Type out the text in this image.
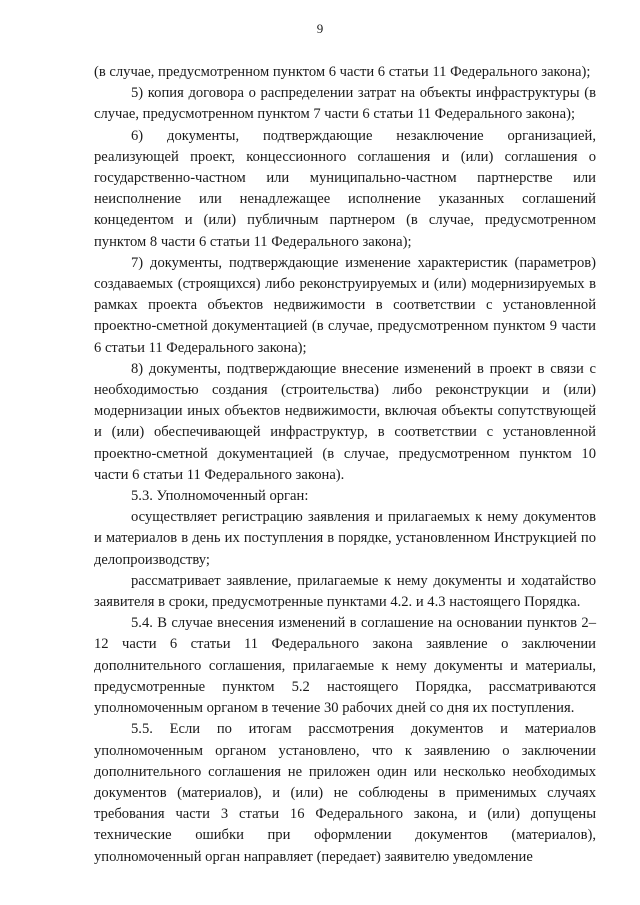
9

(в случае, предусмотренном пунктом 6 части 6 статьи 11 Федерального закона);

5) копия договора о распределении затрат на объекты инфраструктуры (в случае, предусмотренном пунктом 7 части 6 статьи 11 Федерального закона);

6) документы, подтверждающие незаключение организацией, реализующей проект, концессионного соглашения и (или) соглашения о государственно-частном или муниципально-частном партнерстве или неисполнение или ненадлежащее исполнение указанных соглашений концедентом и (или) публичным партнером (в случае, предусмотренном пунктом 8 части 6 статьи 11 Федерального закона);

7) документы, подтверждающие изменение характеристик (параметров) создаваемых (строящихся) либо реконструируемых и (или) модернизируемых в рамках проекта объектов недвижимости в соответствии с установленной проектно-сметной документацией (в случае, предусмотренном пунктом 9 части 6 статьи 11 Федерального закона);

8) документы, подтверждающие внесение изменений в проект в связи с необходимостью создания (строительства) либо реконструкции и (или) модернизации иных объектов недвижимости, включая объекты сопутствующей и (или) обеспечивающей инфраструктур, в соответствии с установленной проектно-сметной документацией (в случае, предусмотренном пунктом 10 части 6 статьи 11 Федерального закона).

5.3. Уполномоченный орган:

осуществляет регистрацию заявления и прилагаемых к нему документов и материалов в день их поступления в порядке, установленном Инструкцией по делопроизводству;

рассматривает заявление, прилагаемые к нему документы и ходатайство заявителя в сроки, предусмотренные пунктами 4.2. и 4.3 настоящего Порядка.

5.4. В случае внесения изменений в соглашение на основании пунктов 2–12 части 6 статьи 11 Федерального закона заявление о заключении дополнительного соглашения, прилагаемые к нему документы и материалы, предусмотренные пунктом 5.2 настоящего Порядка, рассматриваются уполномоченным органом в течение 30 рабочих дней со дня их поступления.

5.5. Если по итогам рассмотрения документов и материалов уполномоченным органом установлено, что к заявлению о заключении дополнительного соглашения не приложен один или несколько необходимых документов (материалов), и (или) не соблюдены в применимых случаях требования части 3 статьи 16 Федерального закона, и (или) допущены технические ошибки при оформлении документов (материалов), уполномоченный орган направляет (передает) заявителю уведомление
